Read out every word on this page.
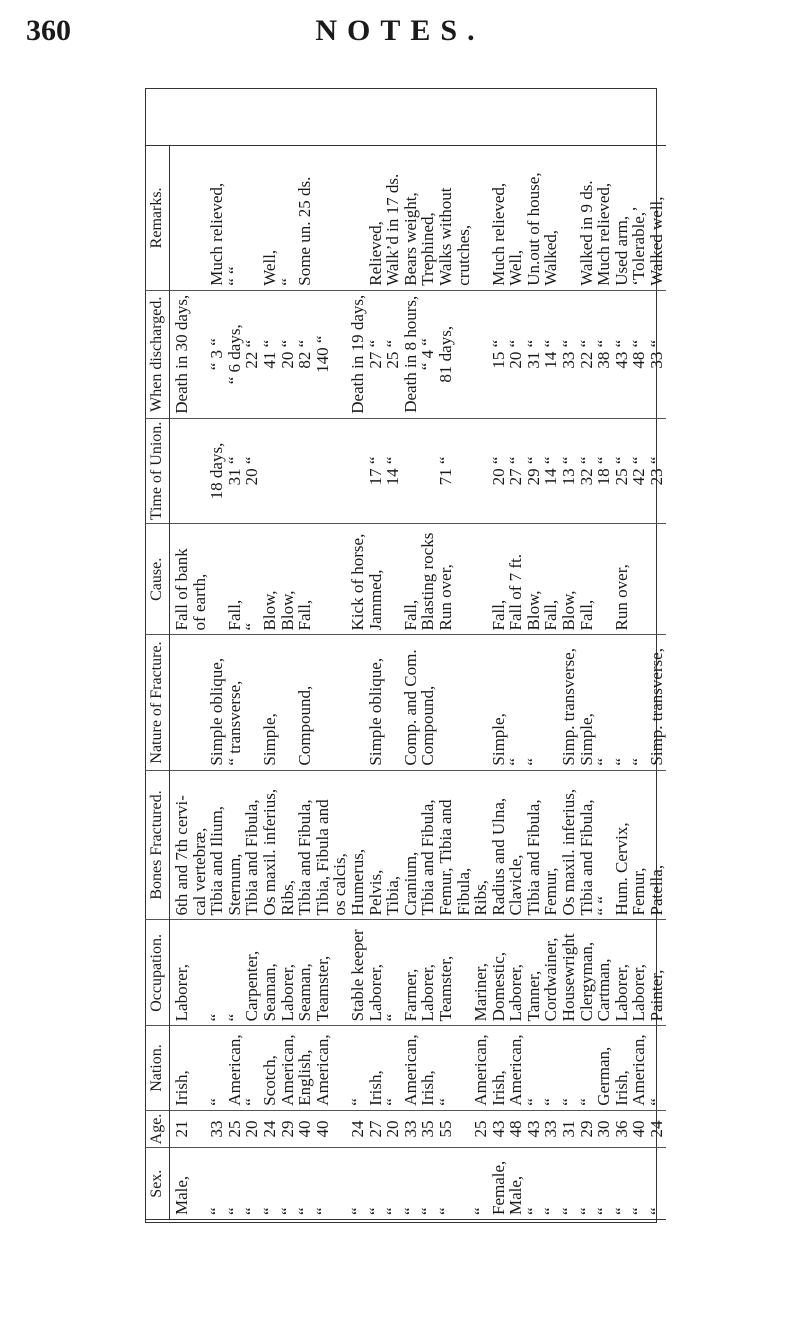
360	NOTES.
Sex.	Age.	Nation.	Occupation.	Bones Fractured.	Nature of Fracture.	Cause.	Time of Union.	When discharged.	Remarks.
Male,	21	Irish,	Laborer,	6th and 7th cervi-		Fall of bank		Death in 30 days,	
				cal vertebræ,		of earth,			
“	33	“	“	Tibia and Ilium,	Simple oblique,		18 days,	“ 3 “	Much relieved,
“	25	American,	“	Sternum,	“ transverse,	Fall,	31 “	“ 6 days,	“ “
“	20	“	Carpenter,	Tibia and Fibula,		“	20 “	22 “	
“	24	Scotch,	Seaman,	Os maxil. inferius,	Simple,	Blow,		41 “	Well,
“	29	American,	Laborer,	Ribs,		Blow,		20 “	“
“	40	English,	Seaman,	Tibia and Fibula,	Compound,	Fall,		82 “	Some un. 25 ds.
“	40	American,	Teamster,	Tibia, Fibula and				140 “	
				os calcis,					
“	24	“	Stable keeper	Humerus,		Kick of horse,		Death in 19 days,	
“	27	Irish,	Laborer,	Pelvis,	Simple oblique,	Jammed,	17 “	27 “	Relieved,
“	20	“	“	Tibia,			14 “	25 “	Walk’d in 17 ds.
“	33	American,	Farmer,	Cranium,	Comp. and Com.	Fall,		Death in 8 hours,	Bears weight,
“	35	Irish,	Laborer,	Tibia and Fibula,	Compound,	Blasting rocks		“ 4 “	Trephined,
“	55	“	Teamster,	Femur, Tibia and		Run over,	71 “	81 days,	Walks without
				Fibula,					crutches,
“	25	American,	Mariner,	Ribs,					
Female,	43	Irish,	Domestic,	Radius and Ulna,	Simple,	Fall,	20 “	15 “	Much relieved,
Male,	48	American,	Laborer,	Clavicle,	“	Fall of 7 ft.	27 “	20 “	Well,
“	43	“	Tanner,	Tibia and Fibula,	“	Blow,	29 “	31 “	Un.out of house,
“	33	“	Cordwainer,	Femur,		Fall,	14 “	14 “	Walked,
“	31	“	Housewright	Os maxil. inferius,	Simp. transverse,	Blow,	13 “	33 “	
“	29	“	Clergyman,	Tibia and Fibula,	Simple,	Fall,	32 “	22 “	Walked in 9 ds.
“	30	German,	Cartman,	“ “	“		18 “	38 “	Much relieved,
“	36	Irish,	Laborer,	Hum. Cervix,	“	Run over,	25 “	43 “	Used arm,
“	40	American,	Laborer,	Femur,	“		42 “	48 “	‘Tolerable,’
“	24	“	Painter,	Patella,	Simp. transverse,		23 “	33 “	Walked well,
